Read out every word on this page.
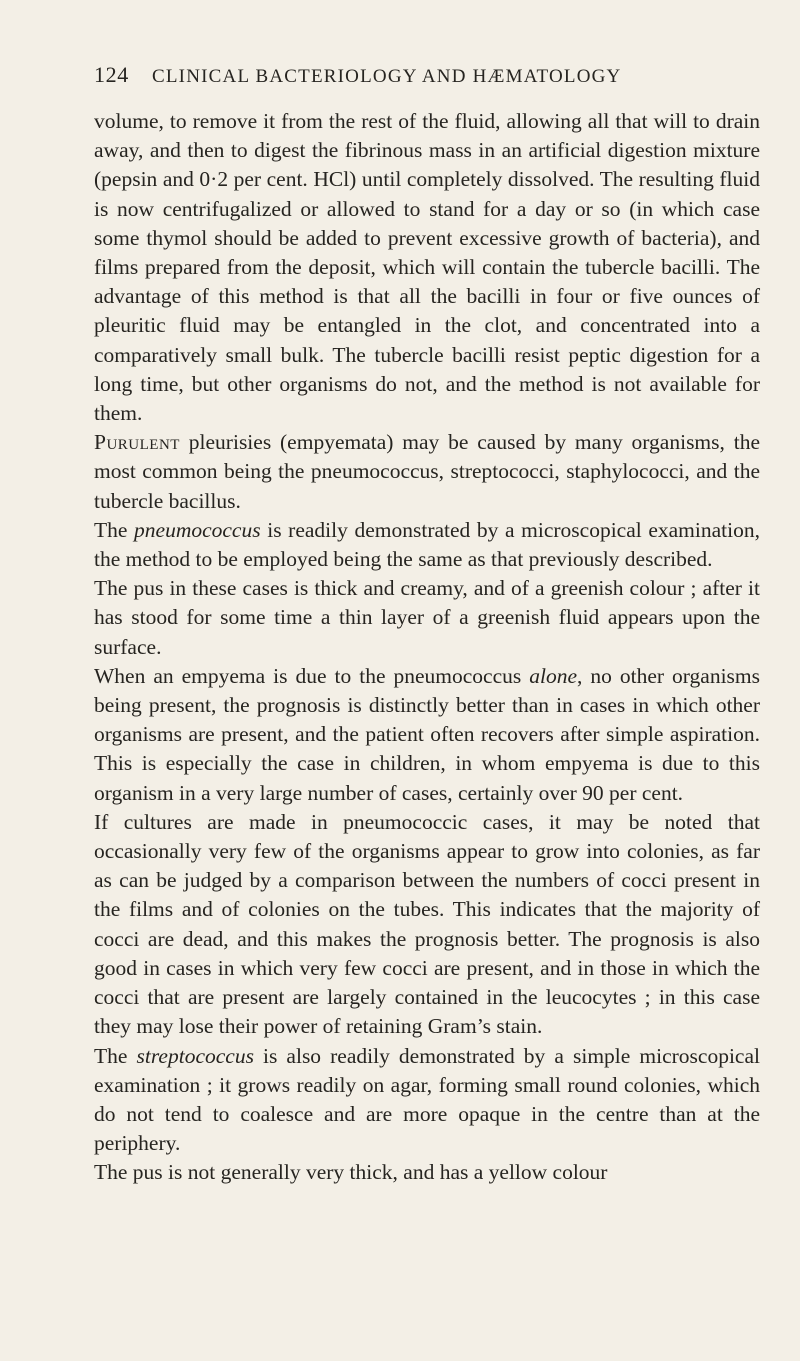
124	CLINICAL BACTERIOLOGY AND HÆMATOLOGY

volume, to remove it from the rest of the fluid, allowing all that will to drain away, and then to digest the fibrinous mass in an artificial digestion mixture (pepsin and 0·2 per cent. HCl) until completely dissolved. The resulting fluid is now centrifugalized or allowed to stand for a day or so (in which case some thymol should be added to prevent excessive growth of bacteria), and films prepared from the deposit, which will contain the tubercle bacilli. The advantage of this method is that all the bacilli in four or five ounces of pleuritic fluid may be entangled in the clot, and concentrated into a comparatively small bulk. The tubercle bacilli resist peptic digestion for a long time, but other organisms do not, and the method is not available for them.

Purulent pleurisies (empyemata) may be caused by many organisms, the most common being the pneumococcus, streptococci, staphylococci, and the tubercle bacillus.

The pneumococcus is readily demonstrated by a microscopical examination, the method to be employed being the same as that previously described.

The pus in these cases is thick and creamy, and of a greenish colour ; after it has stood for some time a thin layer of a greenish fluid appears upon the surface.

When an empyema is due to the pneumococcus alone, no other organisms being present, the prognosis is distinctly better than in cases in which other organisms are present, and the patient often recovers after simple aspiration. This is especially the case in children, in whom empyema is due to this organism in a very large number of cases, certainly over 90 per cent.

If cultures are made in pneumococcic cases, it may be noted that occasionally very few of the organisms appear to grow into colonies, as far as can be judged by a comparison between the numbers of cocci present in the films and of colonies on the tubes. This indicates that the majority of cocci are dead, and this makes the prognosis better. The prognosis is also good in cases in which very few cocci are present, and in those in which the cocci that are present are largely contained in the leucocytes ; in this case they may lose their power of retaining Gram’s stain.

The streptococcus is also readily demonstrated by a simple microscopical examination ; it grows readily on agar, forming small round colonies, which do not tend to coalesce and are more opaque in the centre than at the periphery.

The pus is not generally very thick, and has a yellow colour
